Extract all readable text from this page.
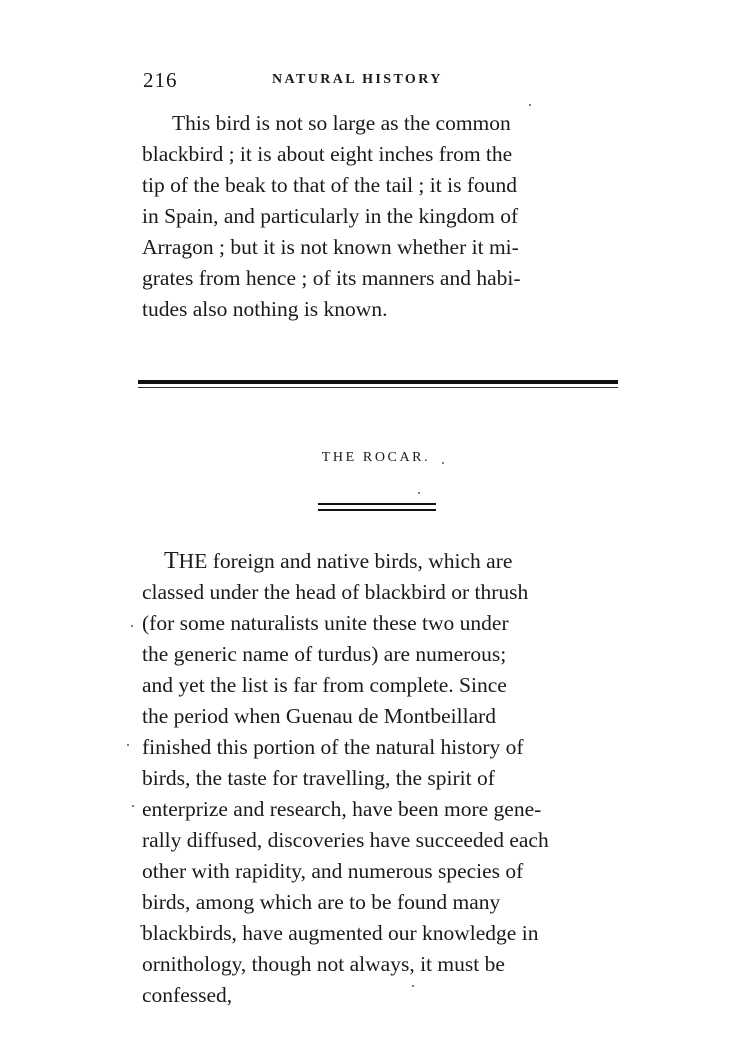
216	NATURAL HISTORY
This bird is not so large as the common
blackbird ; it is about eight inches from the
tip of the beak to that of the tail ; it is found
in Spain, and particularly in the kingdom of
Arragon ; but it is not known whether it mi-
grates from hence ; of its manners and habi-
tudes also nothing is known.
THE ROCAR.
THE foreign and native birds, which are
classed under the head of blackbird or thrush
(for some naturalists unite these two under
the generic name of turdus) are numerous;
and yet the list is far from complete. Since
the period when Guenau de Montbeillard
finished this portion of the natural history of
birds, the taste for travelling, the spirit of
enterprize and research, have been more gene-
rally diffused, discoveries have succeeded each
other with rapidity, and numerous species of
birds, among which are to be found many
blackbirds, have augmented our knowledge in
ornithology, though not always, it must be
confessed,
